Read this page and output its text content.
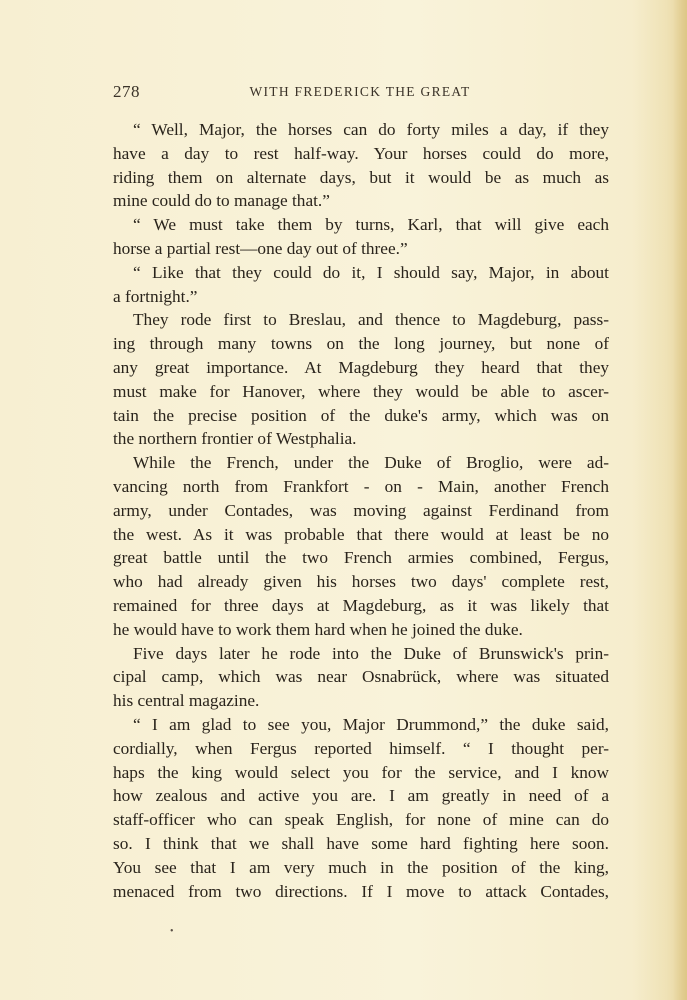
278	WITH FREDERICK THE GREAT
“ Well, Major, the horses can do forty miles a day, if they
have a day to rest half-way. Your horses could do more,
riding them on alternate days, but it would be as much as
mine could do to manage that.”
“ We must take them by turns, Karl, that will give each
horse a partial rest—one day out of three.”
“ Like that they could do it, I should say, Major, in about
a fortnight.”
They rode first to Breslau, and thence to Magdeburg, pass-
ing through many towns on the long journey, but none of
any great importance. At Magdeburg they heard that they
must make for Hanover, where they would be able to ascer-
tain the precise position of the duke's army, which was on
the northern frontier of Westphalia.
While the French, under the Duke of Broglio, were ad-
vancing north from Frankfort - on - Main, another French
army, under Contades, was moving against Ferdinand from
the west. As it was probable that there would at least be no
great battle until the two French armies combined, Fergus,
who had already given his horses two days' complete rest,
remained for three days at Magdeburg, as it was likely that
he would have to work them hard when he joined the duke.
Five days later he rode into the Duke of Brunswick's prin-
cipal camp, which was near Osnabrück, where was situated
his central magazine.
“ I am glad to see you, Major Drummond,” the duke said,
cordially, when Fergus reported himself. “ I thought per-
haps the king would select you for the service, and I know
how zealous and active you are. I am greatly in need of a
staff-officer who can speak English, for none of mine can do
so. I think that we shall have some hard fighting here soon.
You see that I am very much in the position of the king,
menaced from two directions. If I move to attack Contades,
•
